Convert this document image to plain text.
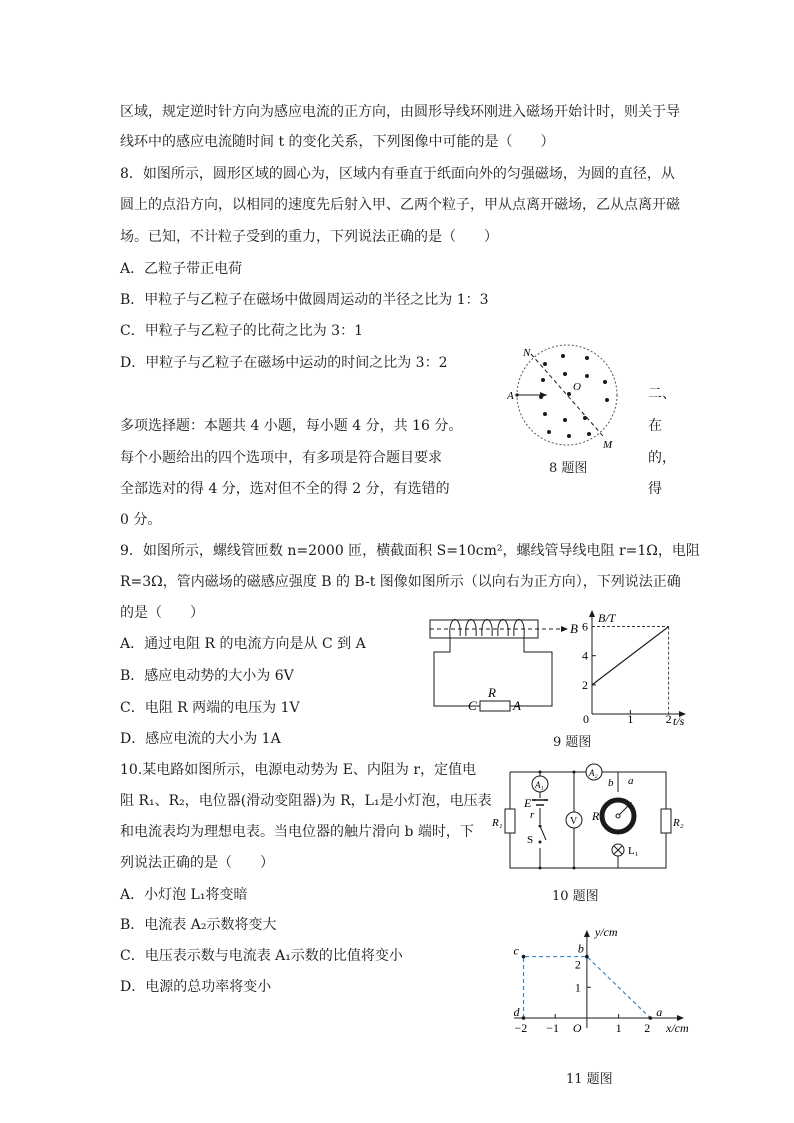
区域，规定逆时针方向为感应电流的正方向，由圆形导线环刚进入磁场开始计时，则关于导
线环中的感应电流随时间 t 的变化关系，下列图像中可能的是（　　）
8．如图所示，圆形区域的圆心为，区域内有垂直于纸面向外的匀强磁场，为圆的直径，从
圆上的点沿方向，以相同的速度先后射入甲、乙两个粒子，甲从点离开磁场，乙从点离开磁
场。已知，不计粒子受到的重力，下列说法正确的是（　　）
A．乙粒子带正电荷
B．甲粒子与乙粒子在磁场中做圆周运动的半径之比为 1：3
C．甲粒子与乙粒子的比荷之比为 3：1
D．甲粒子与乙粒子在磁场中运动的时间之比为 3：2
N
O
A
M
8 题图
二、
多项选择题：本题共 4 小题，每小题 4 分，共 16 分。	在
每个小题给出的四个选项中，有多项是符合题目要求	的，
全部选对的得 4 分，选对但不全的得 2 分，有选错的	得
0 分。
9．如图所示，螺线管匝数 n=2000 匝，横截面积 S=10cm²，螺线管导线电阻 r=1Ω，电阻
R=3Ω，管内磁场的磁感应强度 B 的 B-t 图像如图所示（以向右为正方向），下列说法正确
的是（　　）
A．通过电阻 R 的电流方向是从 C 到 A
B．感应电动势的大小为 6V
C．电阻 R 两端的电压为 1V
D．感应电流的大小为 1A
B
R
C	A
B/T
t/s
6
4
2
0	1	2
9 题图
10.某电路如图所示，电源电动势为 E、内阻为 r，定值电
阻 R₁、R₂，电位器(滑动变阻器)为 R，L₁是小灯泡，电压表
和电流表均为理想电表。当电位器的触片滑向 b 端时，下
列说法正确的是（　　）
A．小灯泡 L₁将变暗
B．电流表 A₂示数将变大
C．电压表示数与电流表 A₁示数的比值将变小
D．电源的总功率将变小
A₁
A₂
E
r
S
V R
R₁	R₂
L₁
a
b
10 题图
y/cm
x/cm
c	b
d	a
O
2
1
−2 −1	1 2
11 题图
